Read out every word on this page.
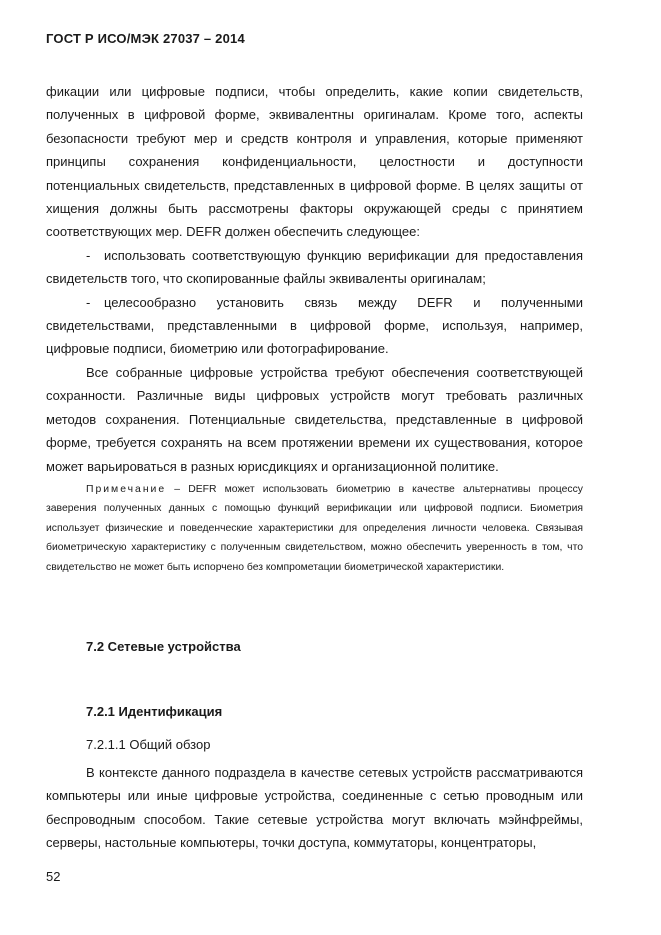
ГОСТ Р ИСО/МЭК 27037 – 2014

фикации или цифровые подписи, чтобы определить, какие копии свидетельств, полученных в цифровой форме, эквивалентны оригиналам. Кроме того, аспекты безопасности требуют мер и средств контроля и управления, которые применяют принципы сохранения конфиденциальности, целостности и доступности потенциальных свидетельств, представленных в цифровой форме. В целях защиты от хищения должны быть рассмотрены факторы окружающей среды с принятием соответствующих мер. DEFR должен обеспечить следующее:

- использовать соответствующую функцию верификации для предоставления свидетельств того, что скопированные файлы эквиваленты оригиналам;

- целесообразно установить связь между DEFR и полученными свидетельствами, представленными в цифровой форме, используя, например, цифровые подписи, биометрию или фотографирование.

Все собранные цифровые устройства требуют обеспечения соответствующей сохранности. Различные виды цифровых устройств могут требовать различных методов сохранения. Потенциальные свидетельства, представленные в цифровой форме, требуется сохранять на всем протяжении времени их существования, которое может варьироваться в разных юрисдикциях и организационной политике.

Примечание – DEFR может использовать биометрию в качестве альтернативы процессу заверения полученных данных с помощью функций верификации или цифровой подписи. Биометрия использует физические и поведенческие характеристики для определения личности человека. Связывая биометрическую характеристику с полученным свидетельством, можно обеспечить уверенность в том, что свидетельство не может быть испорчено без компрометации биометрической характеристики.

7.2 Сетевые устройства
7.2.1 Идентификация
7.2.1.1 Общий обзор

В контексте данного подраздела в качестве сетевых устройств рассматриваются компьютеры или иные цифровые устройства, соединенные с сетью проводным или беспроводным способом. Такие сетевые устройства могут включать мэйнфреймы, серверы, настольные компьютеры, точки доступа, коммутаторы, концентраторы,

52
